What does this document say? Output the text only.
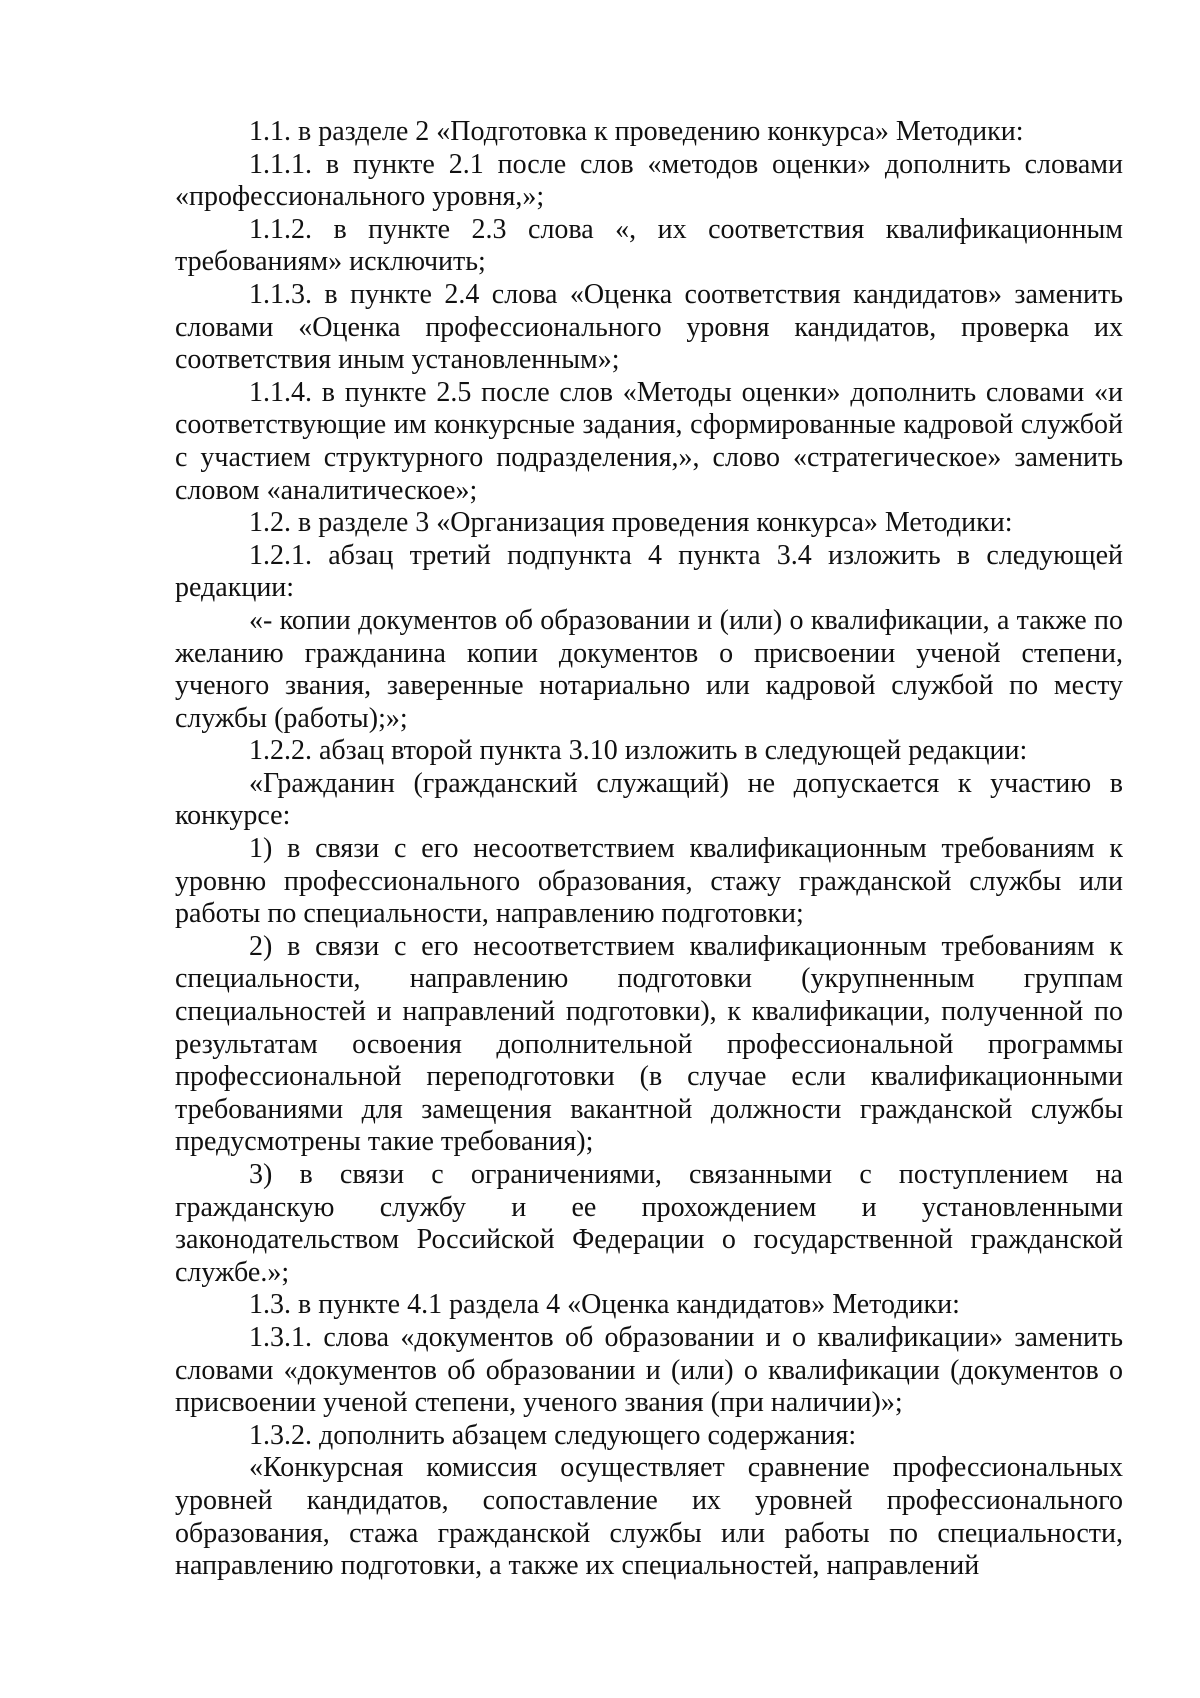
1.1. в разделе 2 «Подготовка к проведению конкурса» Методики:

1.1.1. в пункте 2.1 после слов «методов оценки» дополнить словами «профессионального уровня,»;

1.1.2. в пункте 2.3 слова «, их соответствия квалификационным требованиям» исключить;

1.1.3. в пункте 2.4 слова «Оценка соответствия кандидатов» заменить словами «Оценка профессионального уровня кандидатов, проверка их соответствия иным установленным»;

1.1.4. в пункте 2.5 после слов «Методы оценки» дополнить словами «и соответствующие им конкурсные задания, сформированные кадровой службой с участием структурного подразделения,», слово «стратегическое» заменить словом «аналитическое»;

1.2. в разделе 3 «Организация проведения конкурса» Методики:

1.2.1. абзац третий подпункта 4 пункта 3.4 изложить в следующей редакции:

«- копии документов об образовании и (или) о квалификации, а также по желанию гражданина копии документов о присвоении ученой степени, ученого звания, заверенные нотариально или кадровой службой по месту службы (работы);»;

1.2.2. абзац второй пункта 3.10 изложить в следующей редакции:

«Гражданин (гражданский служащий) не допускается к участию в конкурсе:

1) в связи с его несоответствием квалификационным требованиям к уровню профессионального образования, стажу гражданской службы или работы по специальности, направлению подготовки;

2) в связи с его несоответствием квалификационным требованиям к специальности, направлению подготовки (укрупненным группам специальностей и направлений подготовки), к квалификации, полученной по результатам освоения дополнительной профессиональной программы профессиональной переподготовки (в случае если квалификационными требованиями для замещения вакантной должности гражданской службы предусмотрены такие требования);

3) в связи с ограничениями, связанными с поступлением на гражданскую службу и ее прохождением и установленными законодательством Российской Федерации о государственной гражданской службе.»;

1.3. в пункте 4.1 раздела 4 «Оценка кандидатов» Методики:

1.3.1. слова «документов об образовании и о квалификации» заменить словами «документов об образовании и (или) о квалификации (документов о присвоении ученой степени, ученого звания (при наличии)»;

1.3.2. дополнить абзацем следующего содержания:

«Конкурсная комиссия осуществляет сравнение профессиональных уровней кандидатов, сопоставление их уровней профессионального образования, стажа гражданской службы или работы по специальности, направлению подготовки, а также их специальностей, направлений
